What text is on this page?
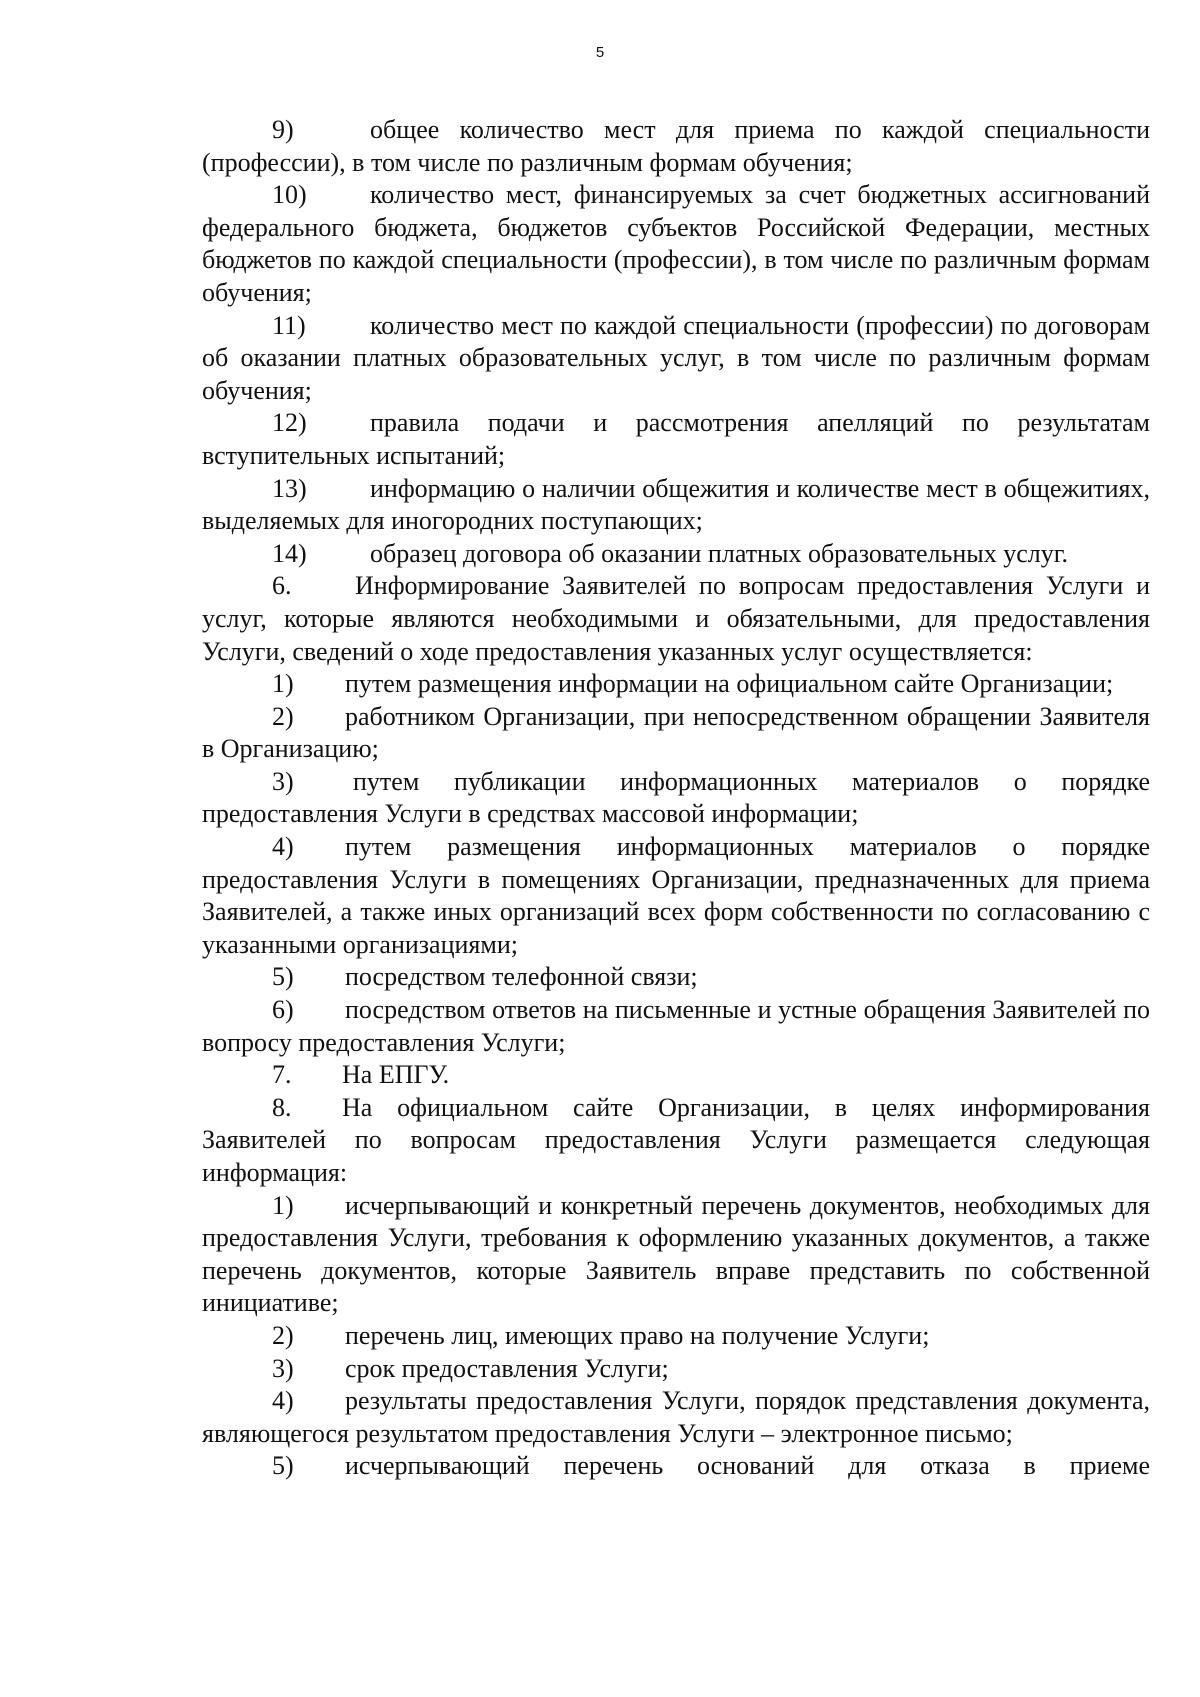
5

9)	общее количество мест для приема по каждой специальности (профессии), в том числе по различным формам обучения;

10) количество мест, финансируемых за счет бюджетных ассигнований федерального бюджета, бюджетов субъектов Российской Федерации, местных бюджетов по каждой специальности (профессии), в том числе по различным формам обучения;

11) количество мест по каждой специальности (профессии) по договорам об оказании платных образовательных услуг, в том числе по различным формам обучения;

12) правила подачи и рассмотрения апелляций по результатам вступительных испытаний;

13) информацию о наличии общежития и количестве мест в общежитиях, выделяемых для иногородних поступающих;

14) образец договора об оказании платных образовательных услуг.

6. Информирование Заявителей по вопросам предоставления Услуги и услуг, которые являются необходимыми и обязательными, для предоставления Услуги, сведений о ходе предоставления указанных услуг осуществляется:

1) путем размещения информации на официальном сайте Организации;

2) работником Организации, при непосредственном обращении Заявителя в Организацию;

3) путем публикации информационных материалов о порядке предоставления Услуги в средствах массовой информации;

4) путем размещения информационных материалов о порядке предоставления Услуги в помещениях Организации, предназначенных для приема Заявителей, а также иных организаций всех форм собственности по согласованию с указанными организациями;

5) посредством телефонной связи;

6) посредством ответов на письменные и устные обращения Заявителей по вопросу предоставления Услуги;

7. На ЕПГУ.

8. На официальном сайте Организации, в целях информирования Заявителей по вопросам предоставления Услуги размещается следующая информация:

1) исчерпывающий и конкретный перечень документов, необходимых для предоставления Услуги, требования к оформлению указанных документов, а также перечень документов, которые Заявитель вправе представить по собственной инициативе;

2) перечень лиц, имеющих право на получение Услуги;

3) срок предоставления Услуги;

4) результаты предоставления Услуги, порядок представления документа, являющегося результатом предоставления Услуги – электронное письмо;

5) исчерпывающий перечень оснований для отказа в приеме
